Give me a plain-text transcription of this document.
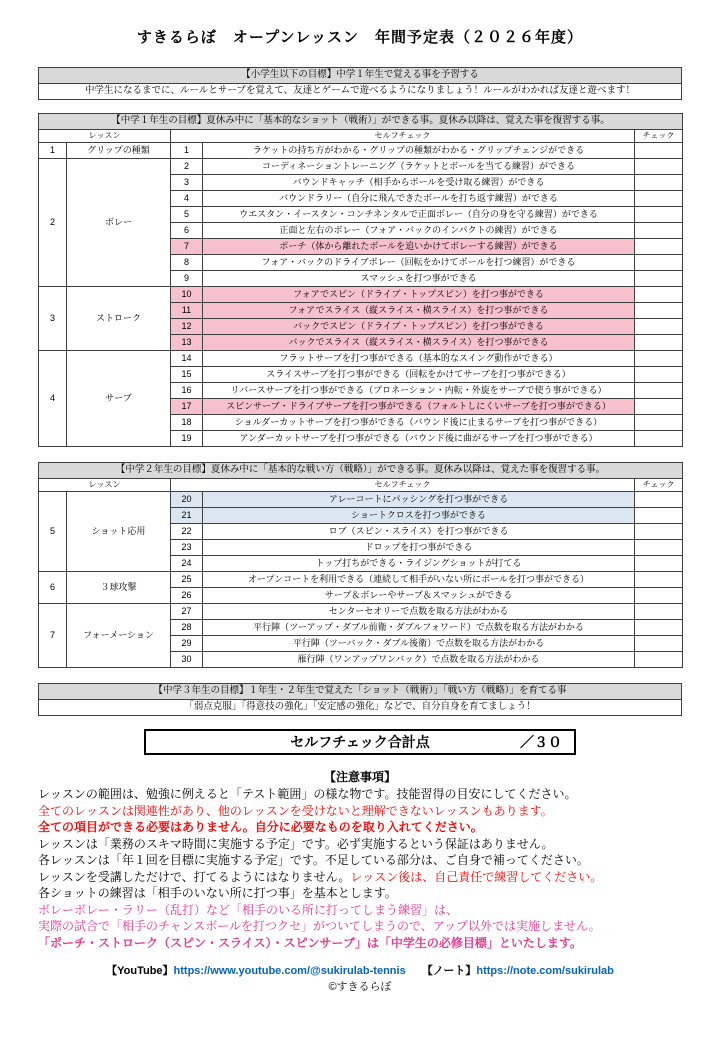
すきるらぼ　オープンレッスン　年間予定表（２０２６年度）
【小学生以下の目標】中学１年生で覚える事を予習する
中学生になるまでに、ルールとサーブを覚えて、友達とゲームで遊べるようになりましょう！ルールがわかれば友達と遊べます！
【中学１年生の目標】夏休み中に「基本的なショット（戦術）」ができる事。夏休み以降は、覚えた事を復習する事。				
レッスン		セルフチェック		チェック
1	グリップの種類	1	ラケットの持ち方がわかる・グリップの種類がわかる・グリップチェンジができる	
2	ボレー	2	コーディネーショントレーニング（ラケットとボールを当てる練習）ができる	
		3	バウンドキャッチ（相手からボールを受け取る練習）ができる	
		4	バウンドラリー（自分に飛んできたボールを打ち返す練習）ができる	
		5	ウエスタン・イースタン・コンチネンタルで正面ボレー（自分の身を守る練習）ができる	
		6	正面と左右のボレー（フォア・バックのインパクトの練習）ができる	
		7	ポーチ（体から離れたボールを追いかけてボレーする練習）ができる	
		8	フォア・バックのドライブボレー（回転をかけてボールを打つ練習）ができる	
		9	スマッシュを打つ事ができる	
3	ストローク	10	フォアでスピン（ドライブ・トップスピン）を打つ事ができる	
		11	フォアでスライス（縦スライス・横スライス）を打つ事ができる	
		12	バックでスピン（ドライブ・トップスピン）を打つ事ができる	
		13	バックでスライス（縦スライス・横スライス）を打つ事ができる	
4	サーブ	14	フラットサーブを打つ事ができる（基本的なスイング動作ができる）	
		15	スライスサーブを打つ事ができる（回転をかけてサーブを打つ事ができる）	
		16	リバースサーブを打つ事ができる（プロネーション・内転・外旋をサーブで使う事ができる）	
		17	スピンサーブ・ドライブサーブを打つ事ができる（フォルトしにくいサーブを打つ事ができる）	
		18	ショルダーカットサーブを打つ事ができる（バウンド後に止まるサーブを打つ事ができる）	
		19	アンダーカットサーブを打つ事ができる（バウンド後に曲がるサーブを打つ事ができる）	
【中学２年生の目標】夏休み中に「基本的な戦い方（戦略）」ができる事。夏休み以降は、覚えた事を復習する事。				
レッスン		セルフチェック		チェック
5	ショット応用	20	アレーコートにパッシングを打つ事ができる	
		21	ショートクロスを打つ事ができる	
		22	ロブ（スピン・スライス）を打つ事ができる	
		23	ドロップを打つ事ができる	
		24	トップ打ちができる・ライジングショットが打てる	
6	３球攻撃	25	オープンコートを利用できる（連続して相手がいない所にボールを打つ事ができる）	
		26	サーブ＆ボレーやサーブ＆スマッシュができる	
7	フォーメーション	27	センターセオリーで点数を取る方法がわかる	
		28	平行陣（ツーアップ・ダブル前衛・ダブルフォワード）で点数を取る方法がわかる	
		29	平行陣（ツーバック・ダブル後衛）で点数を取る方法がわかる	
		30	雁行陣（ワンアップワンバック）で点数を取る方法がわかる	
【中学３年生の目標】１年生・２年生で覚えた「ショット（戦術）」「戦い方（戦略）」を育てる事
「弱点克服」「得意技の強化」「安定感の強化」などで、自分自身を育てましょう！
セルフチェック合計点	／３０
【注意事項】
レッスンの範囲は、勉強に例えると「テスト範囲」の様な物です。技能習得の目安にしてください。
全てのレッスンは関連性があり、他のレッスンを受けないと理解できないレッスンもあります。
全ての項目ができる必要はありません。自分に必要なものを取り入れてください。
レッスンは「業務のスキマ時間に実施する予定」です。必ず実施するという保証はありません。
各レッスンは「年１回を目標に実施する予定」です。不足している部分は、ご自身で補ってください。
レッスンを受講しただけで、打てるようにはなりません。レッスン後は、自己責任で練習してください。
各ショットの練習は「相手のいない所に打つ事」を基本とします。
ボレーボレー・ラリー（乱打）など「相手のいる所に打ってしまう練習」は、
実際の試合で「相手のチャンスボールを打つクセ」がついてしまうので、アップ以外では実施しません。
「ポーチ・ストローク（スピン・スライス）・スピンサーブ」は「中学生の必修目標」といたします。
【YouTube】https://www.youtube.com/@sukirulab-tennis 【ノート】https://note.com/sukirulab
©すきるらぼ
